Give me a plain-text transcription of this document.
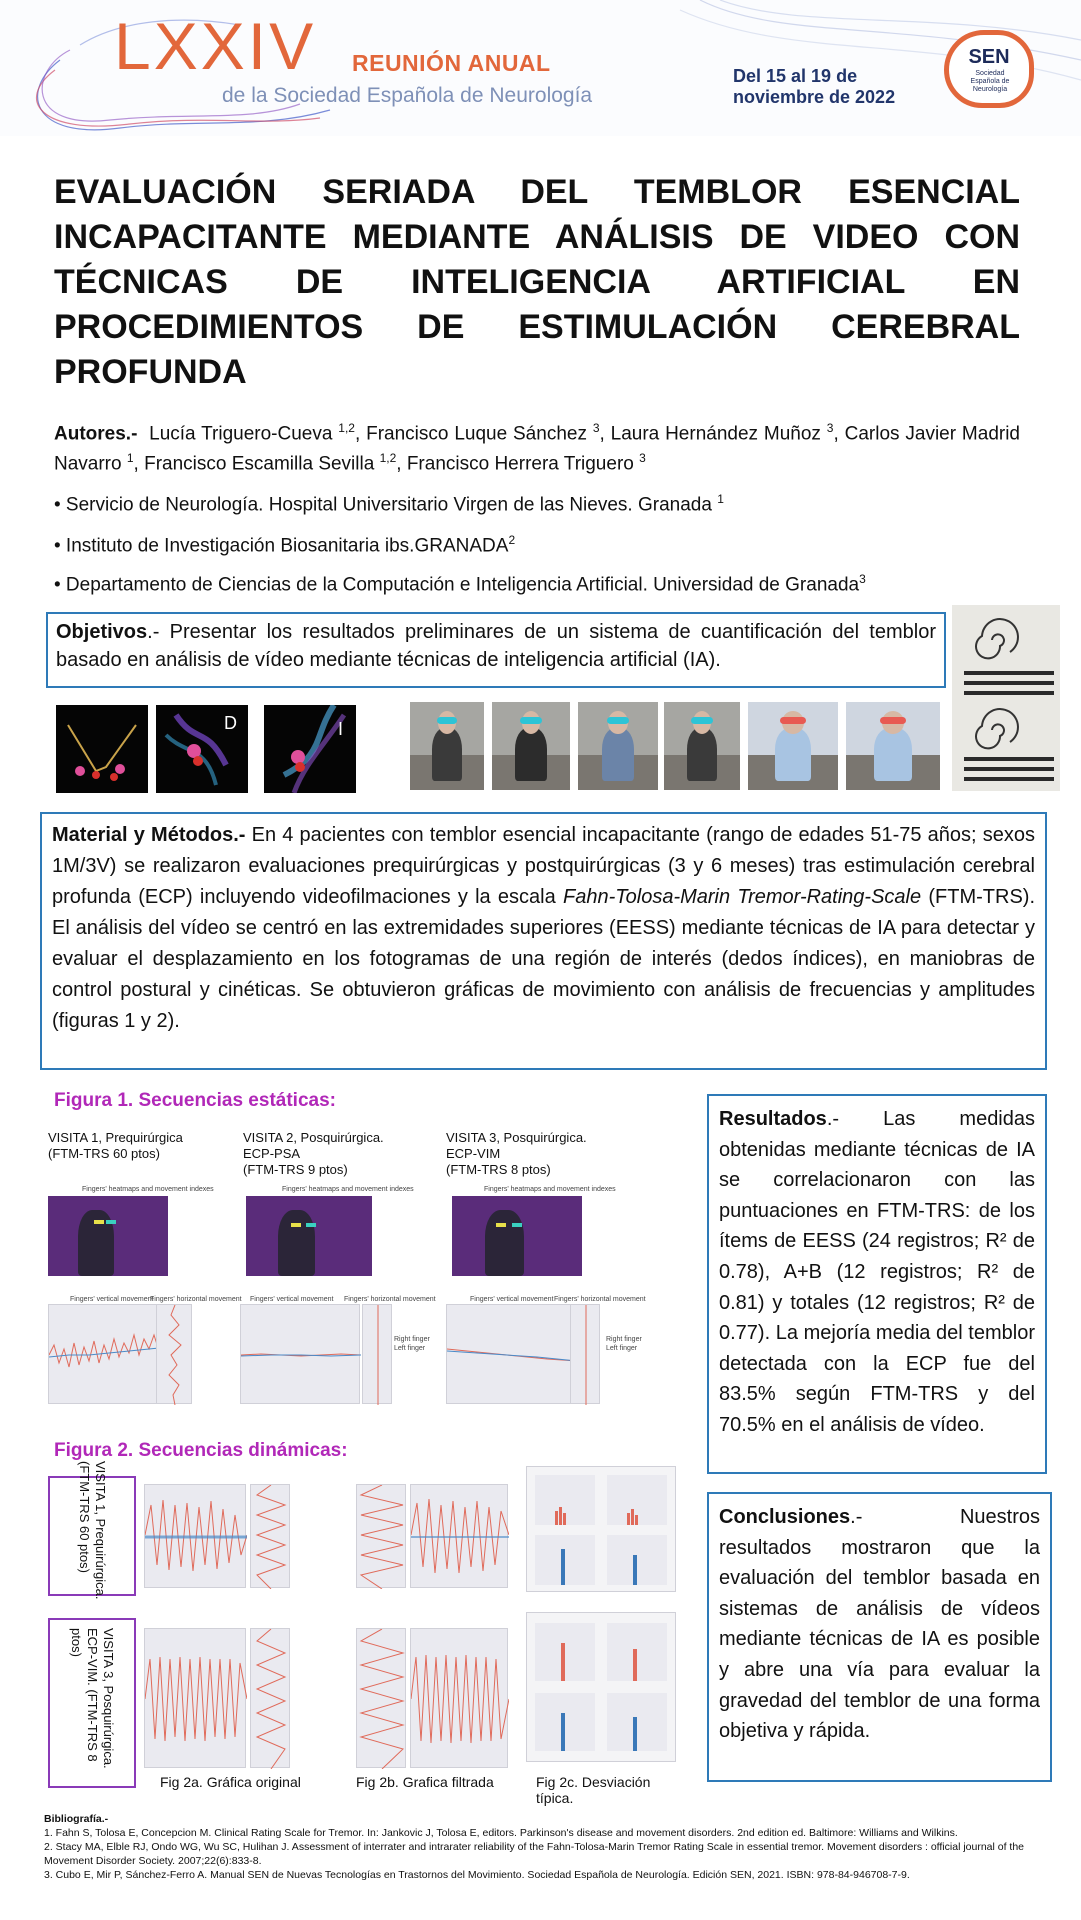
LXXIV REUNIÓN ANUAL
de la Sociedad Española de Neurología
Del 15 al 19 de
noviembre de 2022
SEN
Sociedad Española de Neurología
EVALUACIÓN SERIADA DEL TEMBLOR ESENCIAL INCAPACITANTE MEDIANTE ANÁLISIS DE VIDEO CON TÉCNICAS DE INTELIGENCIA ARTIFICIAL EN PROCEDIMIENTOS DE ESTIMULACIÓN CEREBRAL PROFUNDA
Autores.- Lucía Triguero-Cueva $^{1,2}$, Francisco Luque Sánchez $^3$, Laura Hernández Muñoz $^3$, Carlos Javier Madrid Navarro $^1$, Francisco Escamilla Sevilla $^{1,2}$, Francisco Herrera Triguero $^3$
• Servicio de Neurología. Hospital Universitario Virgen de las Nieves. Granada $^1$
• Instituto de Investigación Biosanitaria ibs.GRANADA$^2$
• Departamento de Ciencias de la Computación e Inteligencia Artificial. Universidad de Granada$^3$
Objetivos.- Presentar los resultados preliminares de un sistema de cuantificación del temblor basado en análisis de vídeo mediante técnicas de inteligencia artificial (IA).
D	I
Material y Métodos.- En 4 pacientes con temblor esencial incapacitante (rango de edades 51-75 años; sexos 1M/3V) se realizaron evaluaciones prequirúrgicas y postquirúrgicas (3 y 6 meses) tras estimulación cerebral profunda (ECP) incluyendo videofilmaciones y la escala Fahn-Tolosa-Marin Tremor-Rating-Scale (FTM-TRS). El análisis del vídeo se centró en las extremidades superiores (EESS) mediante técnicas de IA para detectar y evaluar el desplazamiento en los fotogramas de una región de interés (dedos índices), en maniobras de control postural y cinéticas. Se obtuvieron gráficas de movimiento con análisis de frecuencias y amplitudes (figuras 1 y 2).
Figura 1. Secuencias estáticas:
VISITA 1, Prequirúrgica
(FTM-TRS 60 ptos)
VISITA 2, Posquirúrgica.
ECP-PSA
(FTM-TRS 9 ptos)
VISITA 3, Posquirúrgica.
ECP-VIM
(FTM-TRS 8 ptos)
Fingers' heatmaps and movement indexes	Fingers' heatmaps and movement indexes	Fingers' heatmaps and movement indexes
Fingers' vertical movement
Fingers' horizontal movement Fingers' vertical movement Fingers' horizontal movement
Right finger
Left finger
Fingers' vertical movement Fingers' horizontal movement
Right finger
Left finger
Figura 2. Secuencias dinámicas:
VISITA 1, Prequirúrgica. (FTM-TRS 60 ptos)
VISITA 3, Posquirúrgica. ECP-VIM. (FTM-TRS 8 ptos)
Fig 2a. Gráfica original	Fig 2b. Grafica filtrada	Fig 2c. Desviación
típica.
Resultados.- Las medidas obtenidas mediante técnicas de IA se correlacionaron con las puntuaciones en FTM-TRS: de los ítems de EESS (24 registros; R² de 0.78), A+B (12 registros; R² de 0.81) y totales (12 registros; R² de 0.77). La mejoría media del temblor detectada con la ECP fue del 83.5% según FTM-TRS y del 70.5% en el análisis de vídeo.
Conclusiones.- Nuestros resultados mostraron que la evaluación del temblor basada en sistemas de análisis de vídeos mediante técnicas de IA es posible y abre una vía para evaluar la gravedad del temblor de una forma objetiva y rápida.
Bibliografía.-
1. Fahn S, Tolosa E, Concepcion M. Clinical Rating Scale for Tremor. In: Jankovic J, Tolosa E, editors. Parkinson's disease and movement disorders. 2nd edition ed. Baltimore: Williams and Wilkins.
2. Stacy MA, Elble RJ, Ondo WG, Wu SC, Hulihan J. Assessment of interrater and intrarater reliability of the Fahn-Tolosa-Marin Tremor Rating Scale in essential tremor. Movement disorders : official journal of the Movement Disorder Society. 2007;22(6):833-8.
3. Cubo E, Mir P, Sánchez-Ferro A. Manual SEN de Nuevas Tecnologías en Trastornos del Movimiento. Sociedad Española de Neurología. Edición SEN, 2021. ISBN: 978-84-946708-7-9.
